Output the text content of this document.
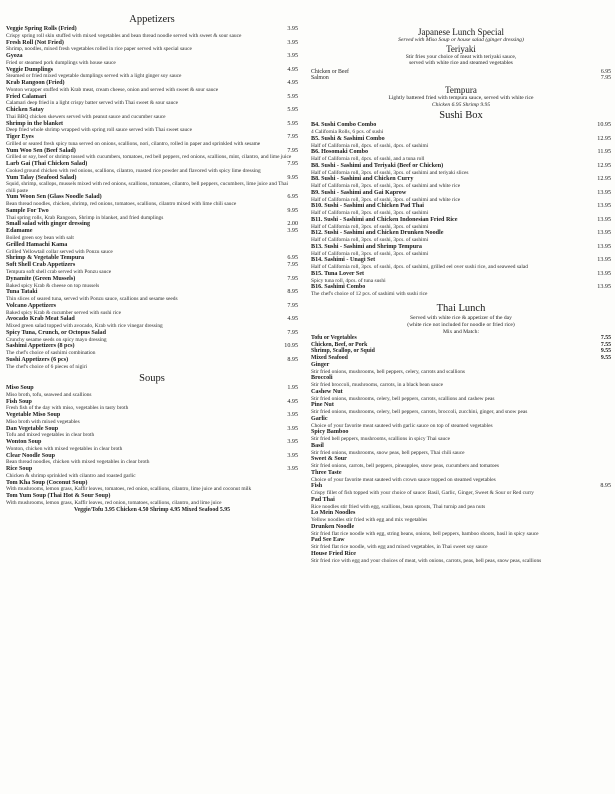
Appetizers
Veggie Spring Rolls (Fried)	3.95
Crispy spring roll skin stuffed with mixed vegetables and bean thread noodle served with sweet & sour sauce
Fresh Roll (Not Fried)	3.95
Shrimp, noodles, mixed fresh vegetables rolled in rice paper served with special sauce
Gyoza	3.95
Fried or steamed pork dumplings with house sauce
Veggie Dumplings	4.95
Steamed or fried mixed vegetable dumplings served with a light ginger soy sauce
Krab Rangoon (Fried)	4.95
Wonton wrapper stuffed with Krab meat, cream cheese, onion and served with sweet & sour sauce
Fried Calamari	5.95
Calamari deep fried in a light crispy batter served with Thai sweet & sour sauce
Chicken Satay	5.95
Thai BBQ chicken skewers served with peanut sauce and cucumber sauce
Shrimp in the blanket	5.95
Deep fried whole shrimp wrapped with spring roll sauce served with Thai sweet sauce
Tiger Eyes	7.95
Grilled or seared fresh spicy tuna served on onions, scallions, nori, cilantro, rolled in paper and sprinkled with sesame
Yum Woo Sen (Beef Salad)	7.95
Grilled or soy, beef or shrimp tossed with cucumbers, tomatoes, red bell peppers, red onions, scallions, mint, cilantro, and lime juice
Larb Gai (Thai Chicken Salad)	7.95
Cooked ground chicken with red onions, scallions, cilantro, roasted rice powder and flavored with spicy lime dressing
Yum Talay (Seafood Salad)	9.95
Squid, shrimp, scallops, mussels mixed with red onions, scallions, tomatoes, cilantro, bell peppers, cucumbers, lime juice and Thai chili paste
Yum Woon Sen (Glass Noodle Salad)	6.95
Bean thread noodles, chicken, shrimp, red onions, tomatoes, scallions, cilantro mixed with lime chili sauce
Sample For Two	9.95
Thai spring rolls, Krab Rangoon, Shrimp in blanket, and fried dumplings
Small salad with ginger dressing	2.00
Edamame	3.95
Boiled green soy bean with salt
Grilled Hamachi Kama
Grilled Yellowtail collar served with Ponzu sauce
Shrimp & Vegetable Tempura	6.95
Soft Shell Crab Appetizers	7.95
Tempura soft shell crab served with Ponzu sauce
Dynamite (Green Mussels)	7.95
Baked spicy Krab & cheese on top mussels
Tuna Tataki	8.95
Thin slices of seared tuna, served with Ponzu sauce, scallions and sesame seeds
Volcano Appetizers	7.95
Baked spicy Krab & cucumber served with sushi rice
Avocado Krab Meat Salad	4.95
Mixed green salad topped with avocado, Krab with rice vinegar dressing
Spicy Tuna, Crunch, or Octopus Salad	7.95
Crunchy sesame seeds on spicy mayo dressing
Sashimi Appetizers (8 pcs)	10.95
The chef's choice of sashimi combination
Sushi Appetizers (6 pcs)	8.95
The chef's choice of 6 pieces of nigiri
Soups
Miso Soup	1.95
Miso broth, tofu, seaweed and scallions
Fish Soup	4.95
Fresh fish of the day with miso, vegetables in tasty broth
Vegetable Miso Soup	3.95
Miso broth with mixed vegetables
Dan Vegetable Soup	3.95
Tofu and mixed vegetables in clear broth
Wonton Soup	3.95
Wonton, chicken with mixed vegetables in clear broth
Clear Noodle Soup	3.95
Bean thread noodles, chicken with mixed vegetables in clear broth
Rice Soup	3.95
Chicken & shrimp sprinkled with cilantro and roasted garlic
Tom Kha Soup (Coconut Soup)
With mushrooms, lemon grass, Kaffir leaves, tomatoes, red onion, scallions, cilantro, lime juice and coconut milk
Tom Yum Soup (Thai Hot & Sour Soup)
With mushrooms, lemon grass, Kaffir leaves, red onion, tomatoes, scallions, cilantro, and lime juice
Veggie/Tofu 3.95 Chicken 4.50 Shrimp 4.95 Mixed Seafood 5.95
Japanese Lunch Special
Served with Miso Soup or house salad (ginger dressing)
Teriyaki
Stir fries your choice of meat with teriyaki sauce,
served with white rice and steamed vegetables
Chicken or Beef	6.95
Salmon	7.95
Tempura
Lightly battered fried with tempura sauce, served with white rice
Chicken 6.95 Shrimp 9.95
Sushi Box
B4. Sushi Combo Combo	10.95
4 California Rolls, 6 pcs. of sushi
B5. Sushi & Sashimi Combo	12.95
Half of California roll, 4pcs. of sushi, 4pcs. of sashimi
B6. Hosomaki Combo	11.95
Half of California roll, 4pcs. of sushi, and a tuna roll
B8. Sushi - Sashimi and Teriyaki (Beef or Chicken)	12.95
Half of California roll, 3pcs. of sushi, 3pcs. of sashimi and teriyaki slices
B8. Sushi - Sashimi and Chicken Curry	12.95
Half of California roll, 3pcs. of sushi, 3pcs. of sashimi and white rice
B9. Sushi - Sashimi and Gai Kaprow	13.95
Half of California roll, 3pcs. of sushi, 3pcs. of sashimi and white rice
B10. Sushi - Sashimi and Chicken Pad Thai	13.95
Half of California roll, 3pcs. of sushi, 3pcs. of sashimi
B11. Sushi - Sashimi and Chicken Indonesian Fried Rice	13.95
Half of California roll, 3pcs. of sushi, 3pcs. of sashimi
B12. Sushi - Sashimi and Chicken Drunken Noodle	13.95
Half of California roll, 3pcs. of sushi, 3pcs. of sashimi
B13. Sushi - Sashimi and Shrimp Tempura	13.95
Half of California roll, 3pcs. of sushi, 3pcs. of sashimi
B14. Sashimi - Unagi Set	13.95
Half of California roll, 3pcs. of sushi, 4pcs. of sashimi, grilled eel over sushi rice, and seaweed salad
B15. Tuna Lover Set	13.95
Spicy tuna roll, 4pcs. of tuna sushi
B16. Sashimi Combo	13.95
The chef's choice of 12 pcs. of sashimi with sushi rice
Thai Lunch
Served with white rice & appetizer of the day
(white rice not included for noodle or fried rice)
Mix and Match:
Tofu or Vegetables	7.55
Chicken, Beef, or Pork	7.55
Shrimp, Scallop, or Squid	9.55
Mixed Seafood	9.55
Ginger
Stir fried onions, mushrooms, bell peppers, celery, carrots and scallions
Broccoli
Stir fried broccoli, mushrooms, carrots, in a black bean sauce
Cashew Nut
Stir fried onions, mushrooms, celery, bell peppers, carrots, scallions and cashew peas
Pine Nut
Stir fried onions, mushrooms, celery, bell peppers, carrots, broccoli, zucchini, ginger, and snow peas
Garlic
Choice of your favorite meat sauteed with garlic sauce on top of steamed vegetables
Spicy Bamboo
Stir fried bell peppers, mushrooms, scallions in spicy Thai sauce
Basil
Stir fried onions, mushrooms, snow peas, bell peppers, Thai chili sauce
Sweet & Sour
Stir fried onions, carrots, bell peppers, pineapples, snow peas, cucumbers and tomatoes
Three Taste
Choice of your favorite meat sauteed with crown sauce topped on steamed vegetables
Fish	8.95
Crispy fillet of fish topped with your choice of sauce: Basil, Garlic, Ginger, Sweet & Sour or Red curry
Pad Thai
Rice noodles stir fried with egg, scallions, bean sprouts, Thai turnip and pea nuts
Lo Mein Noodles
Yellow noodles stir fried with egg and mix vegetables
Drunken Noodle
Stir fried flat rice noodle with egg, string beans, onions, bell peppers, bamboo shoots, basil in spicy sauce
Pad See Eaw
Stir fried flat rice noodle, with egg and mixed vegetables, in Thai sweet soy sauce
House Fried Rice
Stir fried rice with egg and your choices of meat, with onions, carrots, peas, bell peas, snow peas, scallions
